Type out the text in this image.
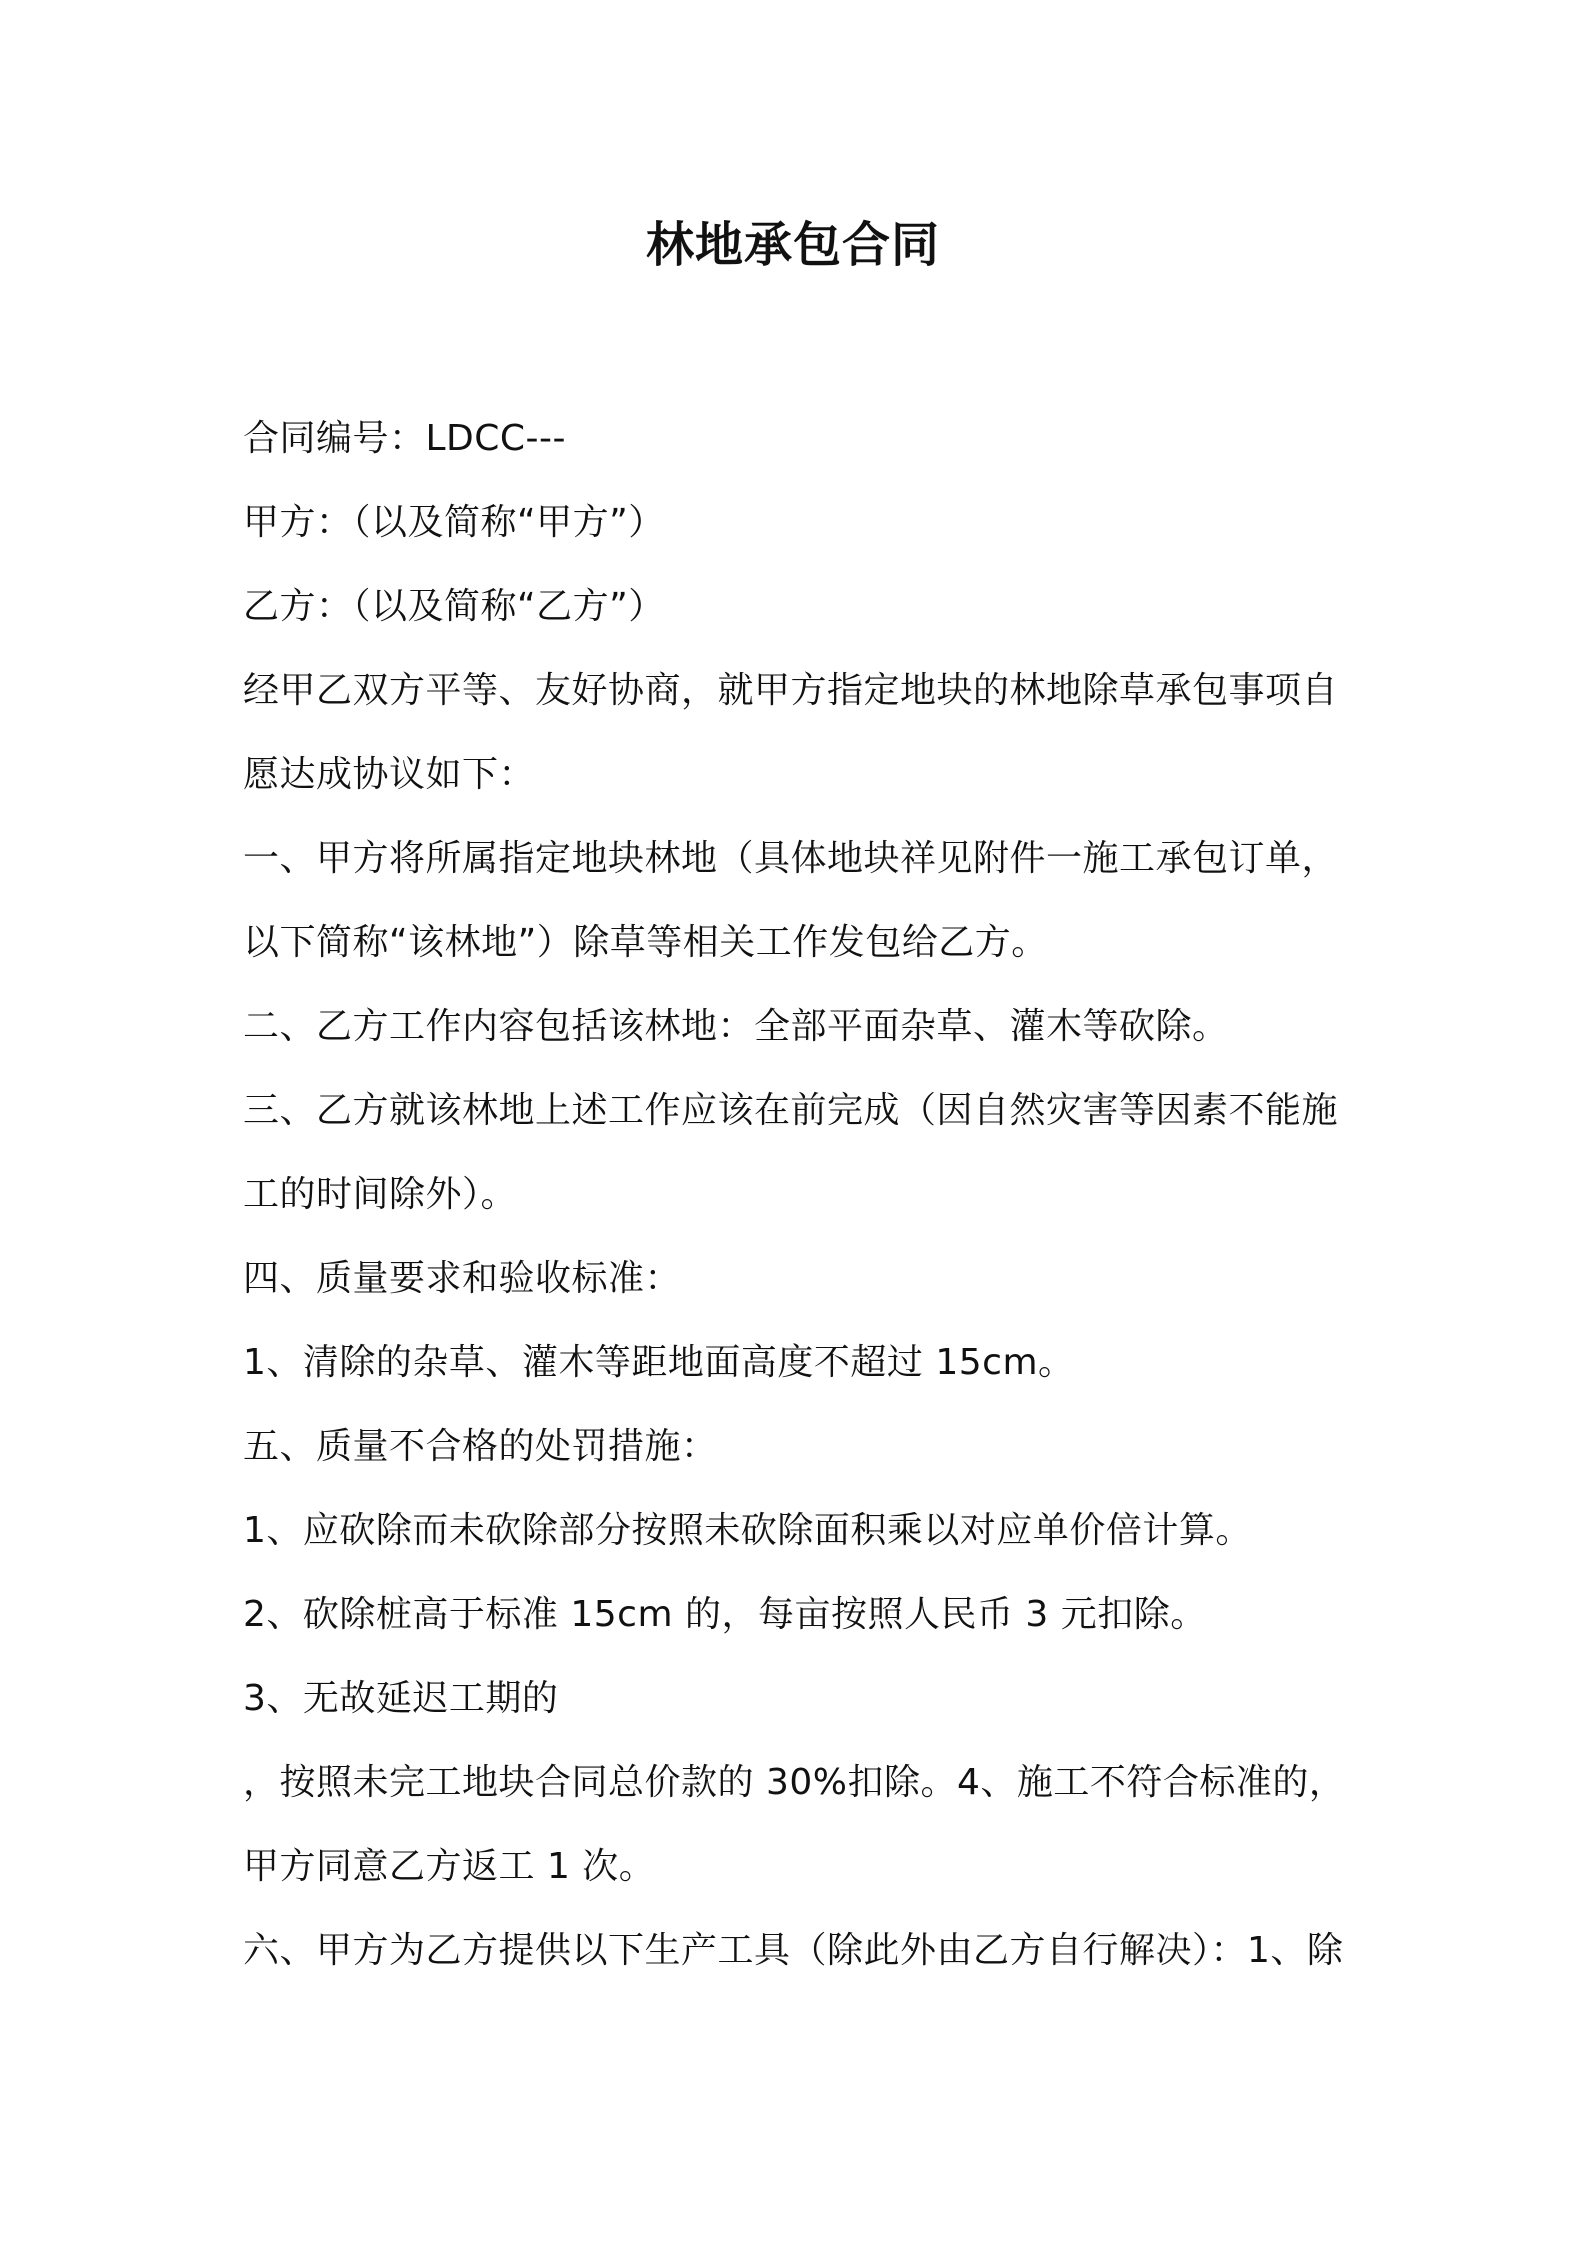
林地承包合同
合同编号：LDCC---
甲方：（以及简称“甲方”）
乙方：（以及简称“乙方”）
经甲乙双方平等、友好协商，就甲方指定地块的林地除草承包事项自
愿达成协议如下：
一、甲方将所属指定地块林地（具体地块祥见附件一施工承包订单，
以下简称“该林地”）除草等相关工作发包给乙方。
二、乙方工作内容包括该林地：全部平面杂草、灌木等砍除。
三、乙方就该林地上述工作应该在前完成（因自然灾害等因素不能施
工的时间除外）。
四、质量要求和验收标准：
1、清除的杂草、灌木等距地面高度不超过 15cm。
五、质量不合格的处罚措施：
1、应砍除而未砍除部分按照未砍除面积乘以对应单价倍计算。
2、砍除桩高于标准 15cm 的，每亩按照人民币 3 元扣除。
3、无故延迟工期的
，按照未完工地块合同总价款的 30%扣除。4、施工不符合标准的，
甲方同意乙方返工 1 次。
六、甲方为乙方提供以下生产工具（除此外由乙方自行解决）：1、除
